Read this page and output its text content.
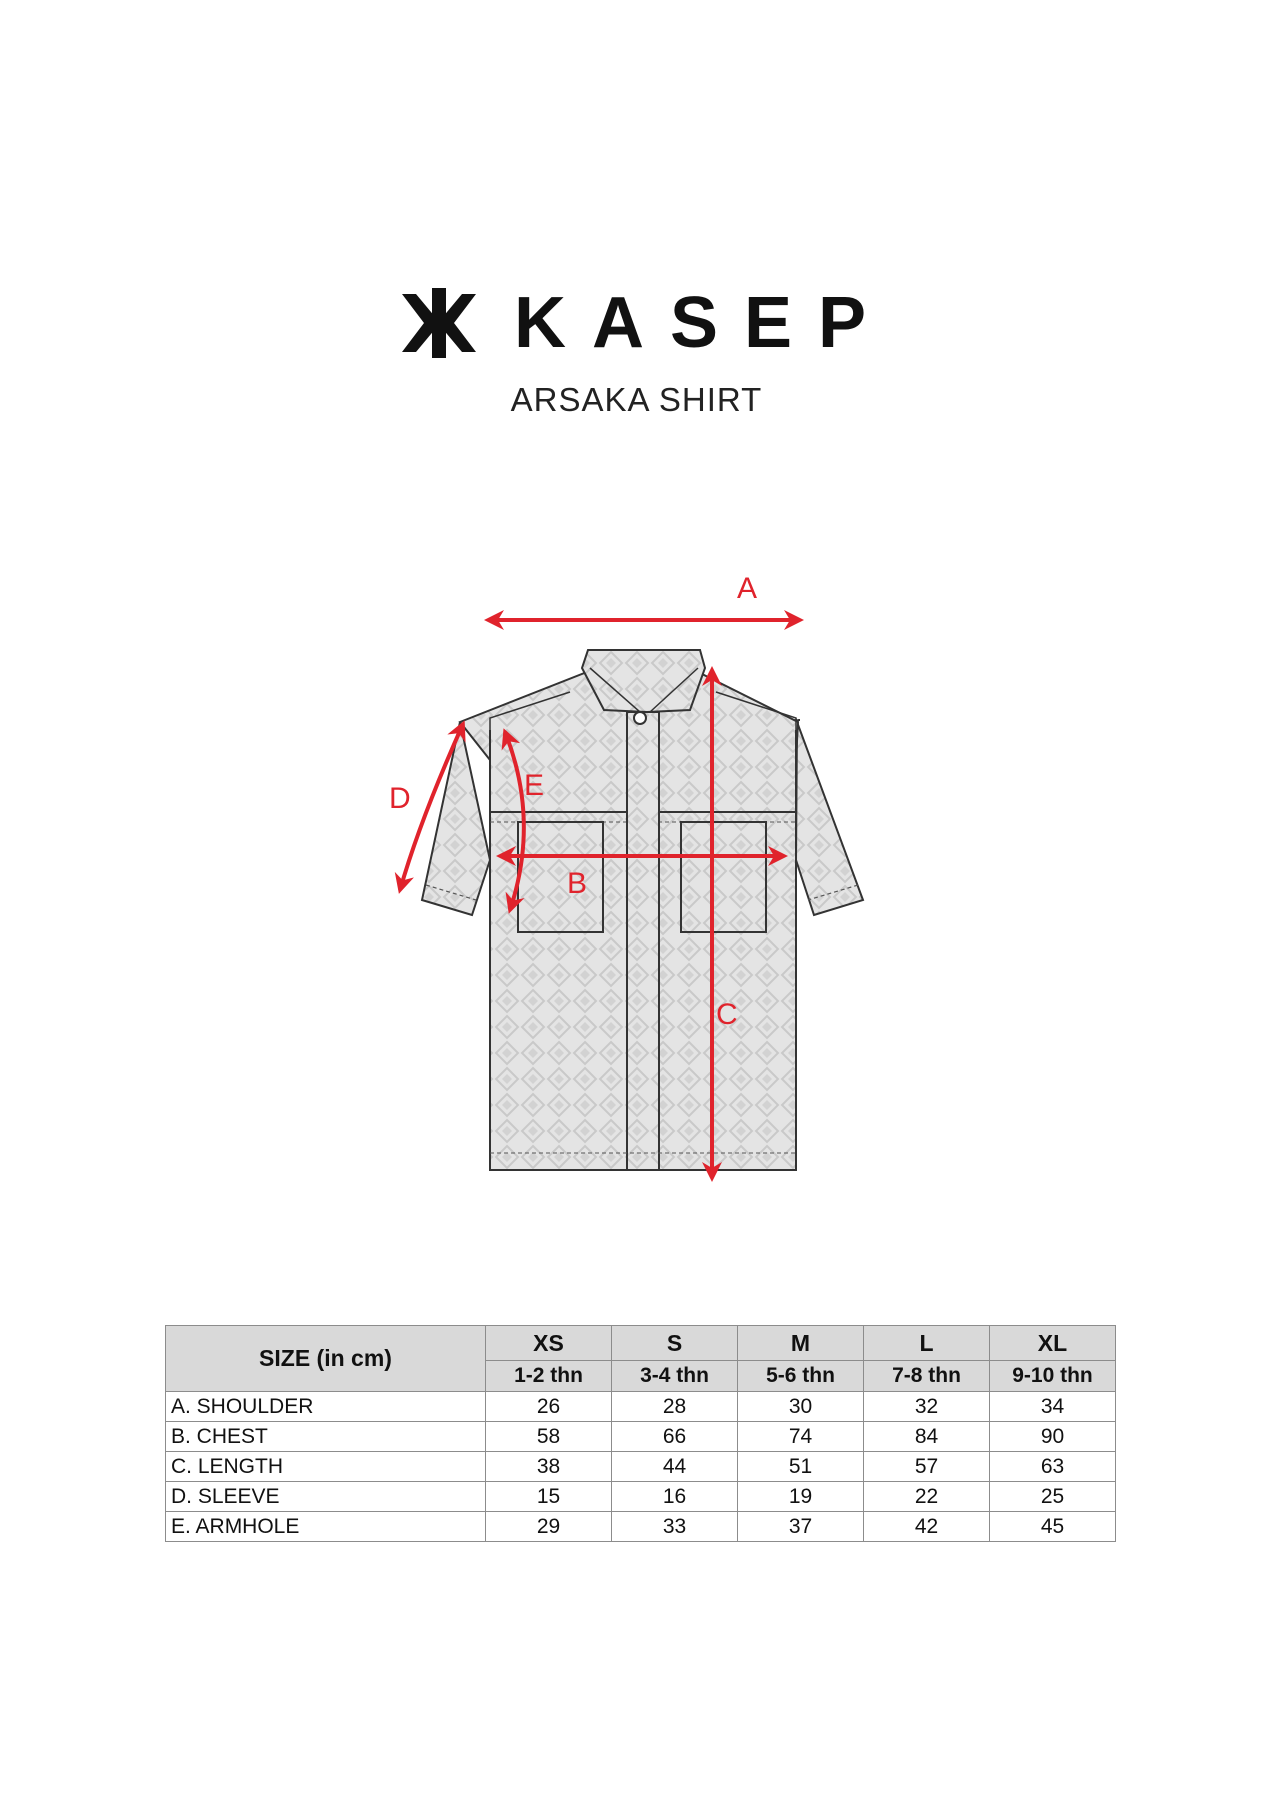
KASEP
ARSAKA SHIRT
A
B
C
D	E
SIZE (in cm)	XS	S	M	L	XL
	1-2 thn	3-4 thn	5-6 thn	7-8 thn	9-10 thn
A. SHOULDER	26	28	30	32	34
B. CHEST	58	66	74	84	90
C. LENGTH	38	44	51	57	63
D. SLEEVE	15	16	19	22	25
E. ARMHOLE	29	33	37	42	45
